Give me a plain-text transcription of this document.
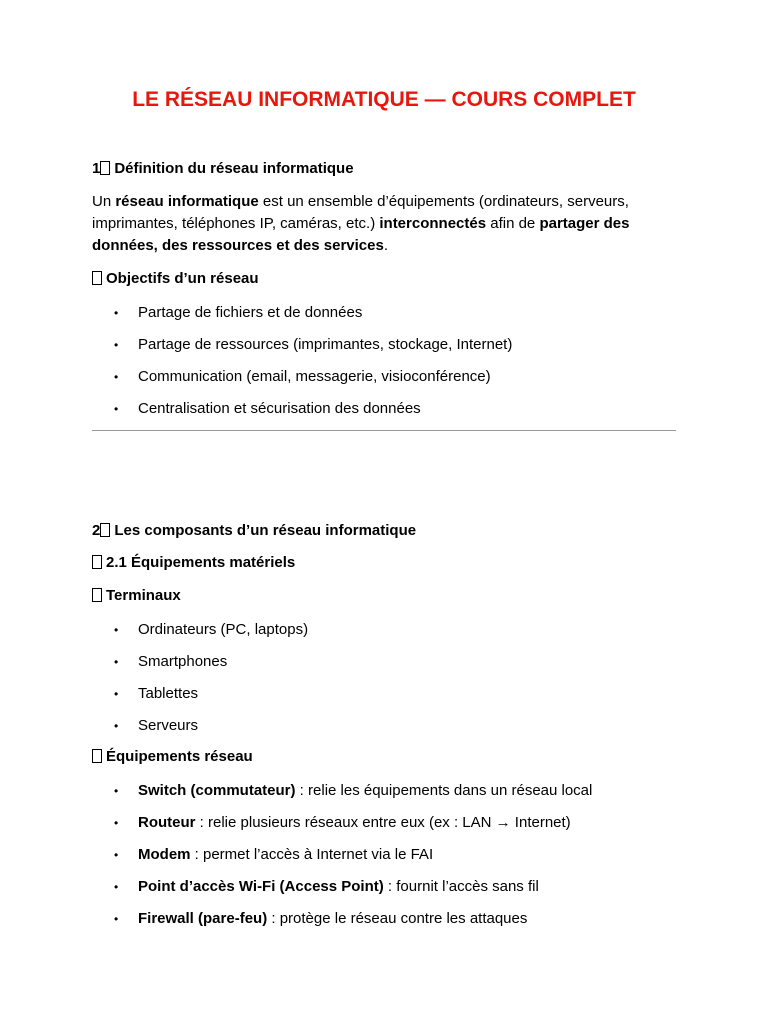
LE RÉSEAU INFORMATIQUE — COURS COMPLET
1 Définition du réseau informatique
Un réseau informatique est un ensemble d’équipements (ordinateurs, serveurs, imprimantes, téléphones IP, caméras, etc.) interconnectés afin de partager des données, des ressources et des services.
Objectifs d’un réseau
• Partage de fichiers et de données
• Partage de ressources (imprimantes, stockage, Internet)
• Communication (email, messagerie, visioconférence)
• Centralisation et sécurisation des données
2 Les composants d’un réseau informatique
2.1 Équipements matériels
Terminaux
• Ordinateurs (PC, laptops)
• Smartphones
• Tablettes
• Serveurs
Équipements réseau
• Switch (commutateur) : relie les équipements dans un réseau local
• Routeur : relie plusieurs réseaux entre eux (ex : LAN → Internet)
• Modem : permet l’accès à Internet via le FAI
• Point d’accès Wi-Fi (Access Point) : fournit l’accès sans fil
• Firewall (pare-feu) : protège le réseau contre les attaques
